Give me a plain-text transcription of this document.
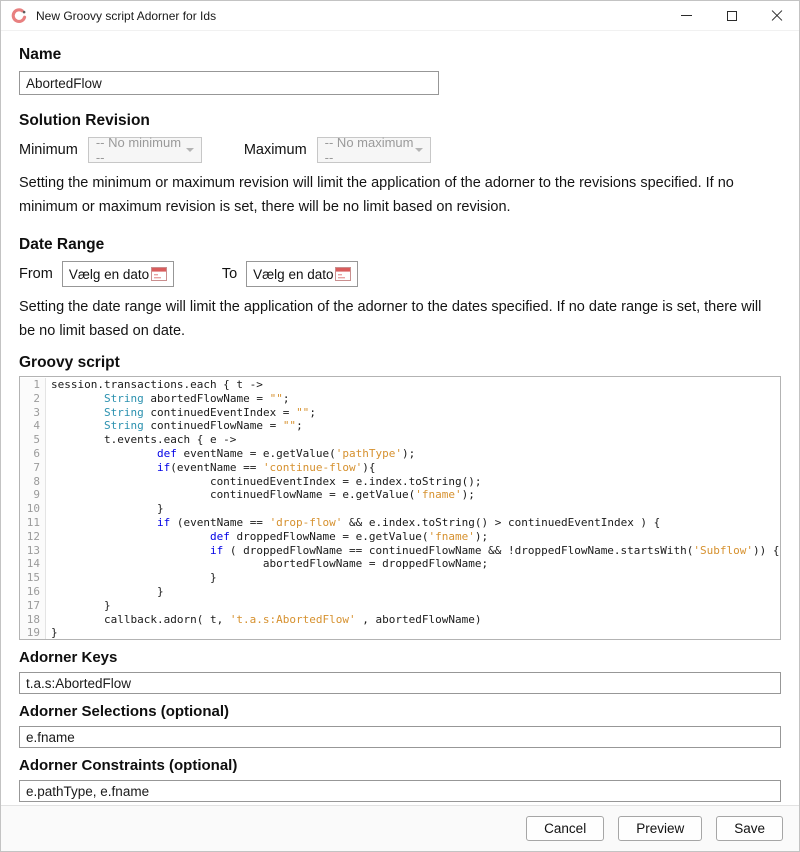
New Groovy script Adorner for Ids
Name
AbortedFlow
Solution Revision
Minimum -- No minimum --	Maximum -- No maximum --

Setting the minimum or maximum revision will limit the application of the adorner to the revisions specified. If no minimum or maximum revision is set, there will be no limit based on revision.

Date Range
From Vælg en dato	To Vælg en dato

Setting the date range will limit the application of the adorner to the dates specified. If no date range is set, there will be no limit based on date.

Groovy script
1	session.transactions.each { t ->
2	String abortedFlowName = "";
3	String continuedEventIndex = "";
4	String continuedFlowName = "";
5	t.events.each { e ->
6	def eventName = e.getValue('pathType');
7	if(eventName == 'continue-flow'){
8	continuedEventIndex = e.index.toString();
9	continuedFlowName = e.getValue('fname');
10	}
11	if (eventName == 'drop-flow' && e.index.toString() > continuedEventIndex ) {
12	def droppedFlowName = e.getValue('fname');
13	if ( droppedFlowName == continuedFlowName && !droppedFlowName.startsWith('Subflow')) {
14	abortedFlowName = droppedFlowName;
15	}
16	}
17	}
18	callback.adorn( t, 't.a.s:AbortedFlow' , abortedFlowName)
19	}
Adorner Keys
t.a.s:AbortedFlow
Adorner Selections (optional)
e.fname
Adorner Constraints (optional)
e.pathType, e.fname
Cancel	Preview	Save
